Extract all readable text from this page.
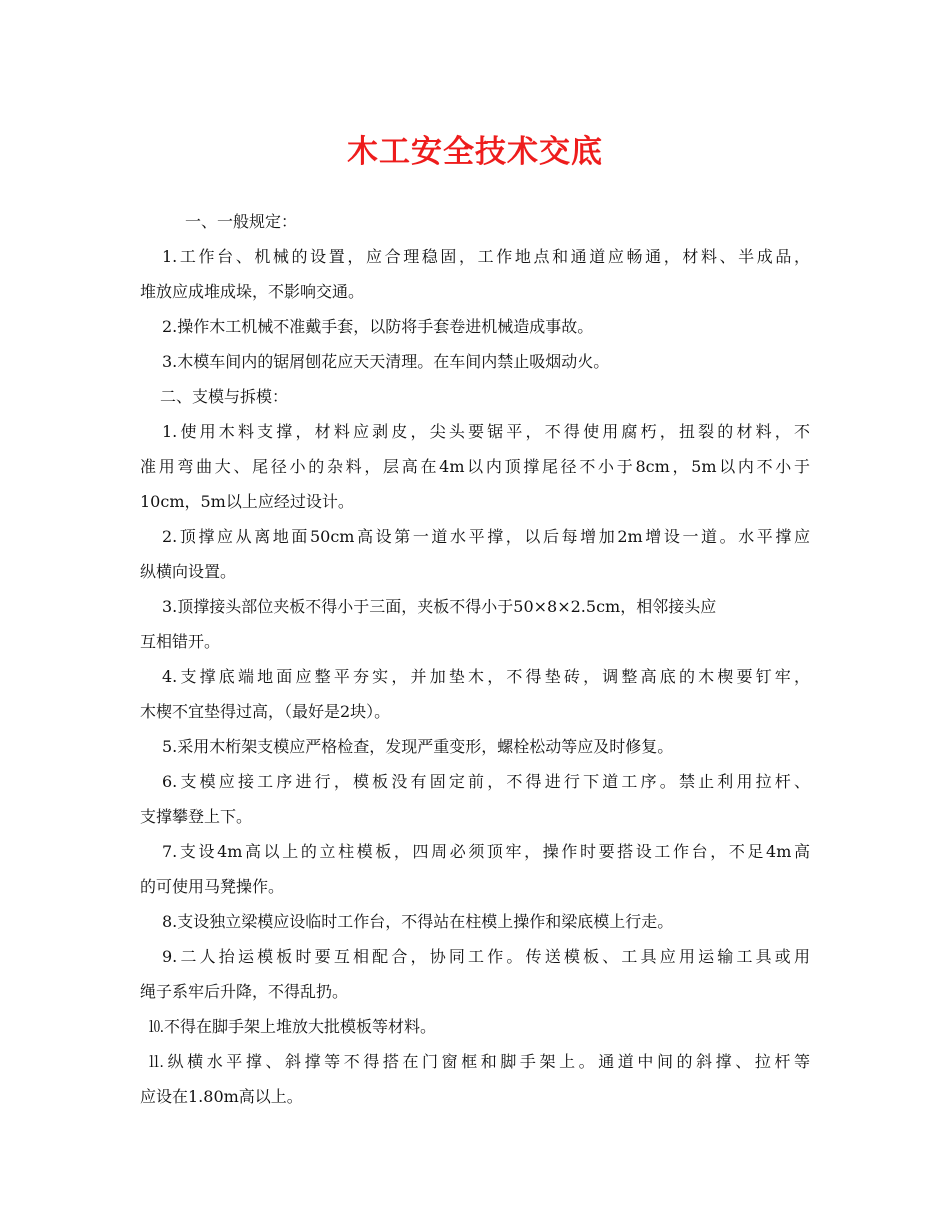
木工安全技术交底
一、一般规定：
1.工作台、机械的设置，应合理稳固，工作地点和通道应畅通，材料、半成品，
堆放应成堆成垛，不影响交通。
2.操作木工机械不准戴手套，以防将手套卷进机械造成事故。
3.木模车间内的锯屑刨花应天天清理。在车间内禁止吸烟动火。
二、支模与拆模：
1.使用木料支撑，材料应剥皮，尖头要锯平，不得使用腐朽，扭裂的材料，不
准用弯曲大、尾径小的杂料，层高在4m以内顶撑尾径不小于8cm，5m以内不小于
10cm，5m以上应经过设计。
2.顶撑应从离地面50cm高设第一道水平撑，以后每增加2m增设一道。水平撑应
纵横向设置。
3.顶撑接头部位夹板不得小于三面，夹板不得小于50×8×2.5cm，相邻接头应
互相错开。
4.支撑底端地面应整平夯实，并加垫木，不得垫砖，调整高底的木楔要钉牢，
木楔不宜垫得过高，（最好是2块）。
5.采用木桁架支模应严格检查，发现严重变形，螺栓松动等应及时修复。
6.支模应接工序进行，模板没有固定前，不得进行下道工序。禁止利用拉杆、
支撑攀登上下。
7.支设4m高以上的立柱模板，四周必须顶牢，操作时要搭设工作台，不足4m高
的可使用马凳操作。
8.支设独立梁模应设临时工作台，不得站在柱模上操作和梁底模上行走。
9.二人抬运模板时要互相配合，协同工作。传送模板、工具应用运输工具或用
绳子系牢后升降，不得乱扔。
⒑不得在脚手架上堆放大批模板等材料。
⒒纵横水平撑、斜撑等不得搭在门窗框和脚手架上。通道中间的斜撑、拉杆等
应设在1.80m高以上。
